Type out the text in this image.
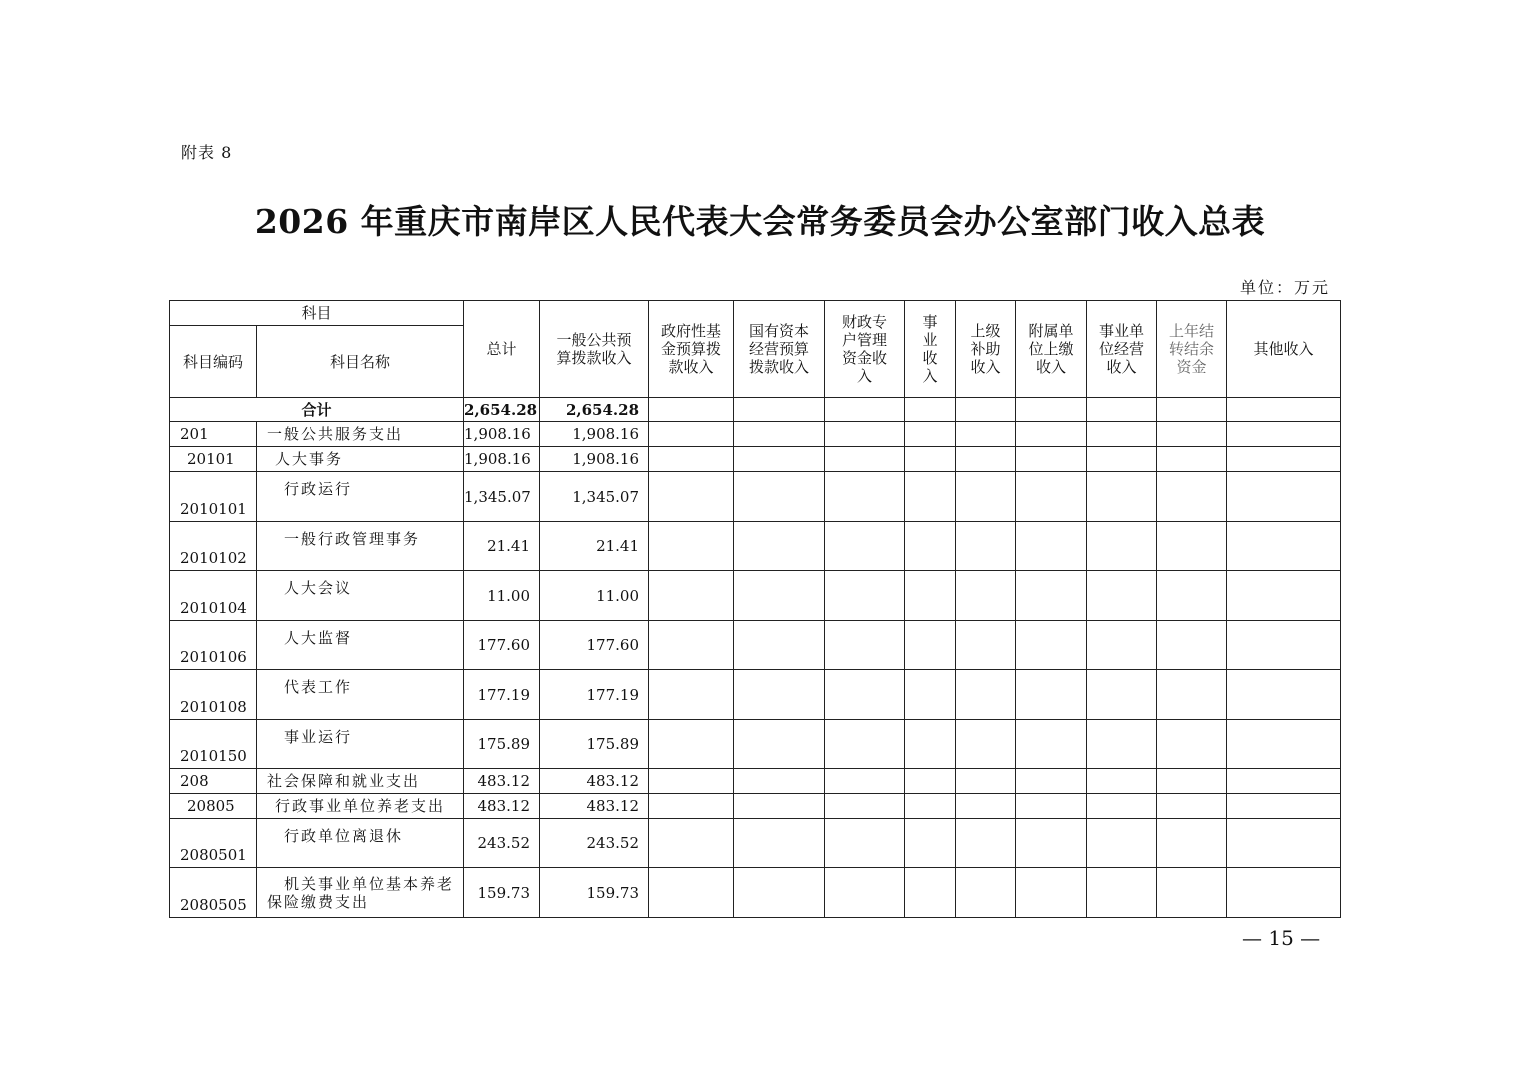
附表 8
2026 年重庆市南岸区人民代表大会常务委员会办公室部门收入总表
单位：万元
科目		总计	一般公共预算拨款收入	政府性基金预算拨款收入	国有资本经营预算拨款收入	财政专户管理资金收入	事业收入	上级补助收入	附属单位上缴收入	事业单位经营收入	上年结转结余资金	其他收入
科目编码	科目名称											
合计		2,654.28	2,654.28									
201	一般公共服务支出	1,908.16	1,908.16									
20101	人大事务	1,908.16	1,908.16									
2010101	行政运行	1,345.07	1,345.07									
2010102	一般行政管理事务	21.41	21.41									
2010104	人大会议	11.00	11.00									
2010106	人大监督	177.60	177.60									
2010108	代表工作	177.19	177.19									
2010150	事业运行	175.89	175.89									
208	社会保障和就业支出	483.12	483.12									
20805	行政事业单位养老支出	483.12	483.12									
2080501	行政单位离退休	243.52	243.52									
2080505	机关事业单位基本养老
保险缴费支出	159.73	159.73									
— 15 —
